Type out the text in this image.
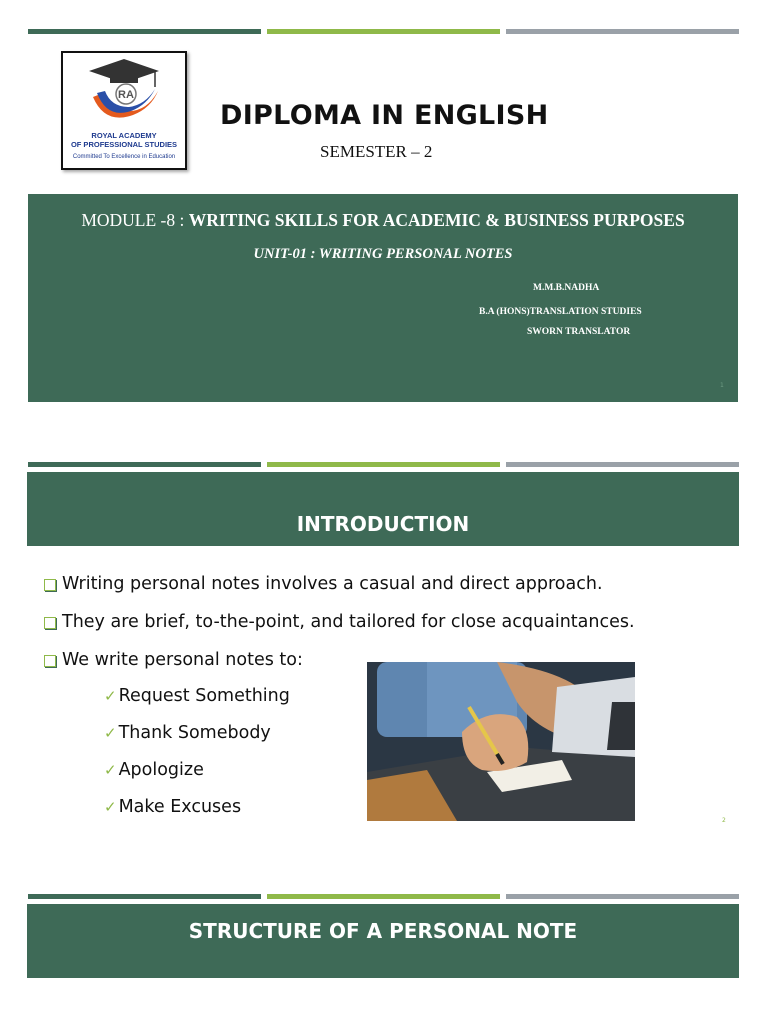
RA
ROYAL ACADEMY
OF PROFESSIONAL STUDIES
Committed To Excellence in Education
DIPLOMA IN ENGLISH
SEMESTER – 2
MODULE -8 : WRITING SKILLS FOR ACADEMIC & BUSINESS PURPOSES
UNIT-01 : WRITING PERSONAL NOTES
M.M.B.NADHA
B.A (HONS)TRANSLATION STUDIES
SWORN TRANSLATOR
1
INTRODUCTION
Writing personal notes involves a casual and direct approach.
They are brief, to-the-point, and tailored for close acquaintances.
We write personal notes to:
✓ Request Something
✓ Thank Somebody
✓ Apologize
✓ Make Excuses
2
STRUCTURE OF A PERSONAL NOTE
